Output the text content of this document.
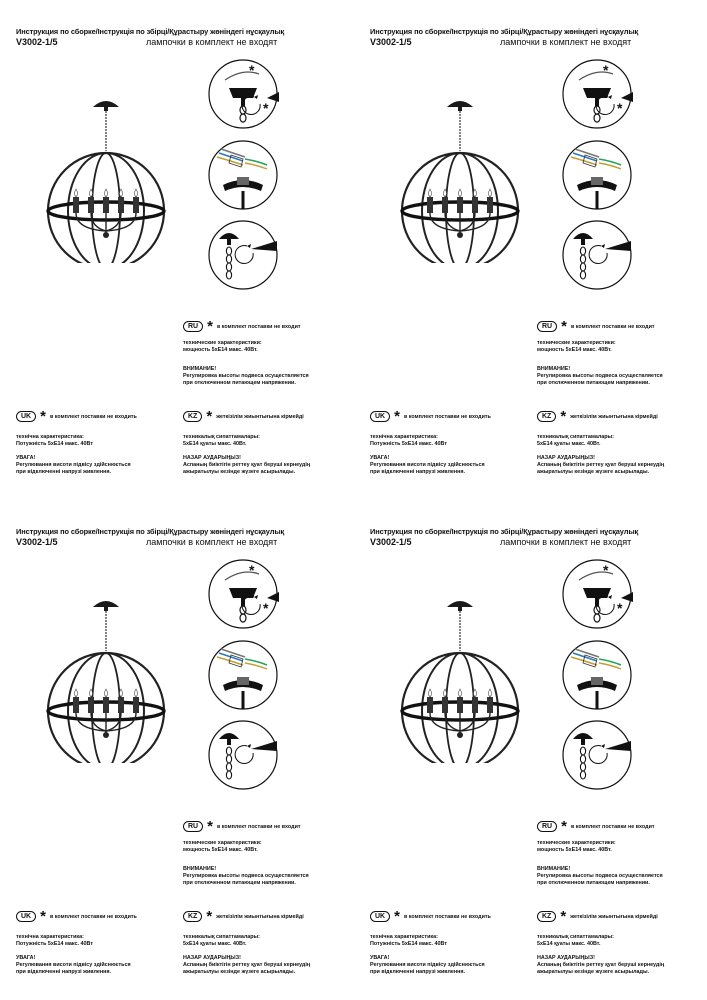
Инструкция по сборке/Інструкція по збірці/Құрастыру жөніндегі нұсқаулық
V3002-1/5	лампочки в комплект не входят
RU * в комплект поставки не входит
технические характеристики:
мощность 5xE14 макс. 40Вт.
ВНИМАНИЕ!
Регулировка высоты подвеса осуществляется
при отключенном питающем напряжении.
UK * в комплект поставки не входить
технічна характеристика:
Потужність 5xE14 макс. 40Вт
УВАГА!
Регулювання висоти підвісу здійснюється
при відключенні напрузі живлення.
KZ * жеткізілім жиынтығына кірмейді
техникалық сипаттамалары:
5xE14 қуаты макс. 40Вт.
НАЗАР АУДАРЫҢЫЗ!
Аспаның биіктігін реттеу қуат беруші кернеудің
ажыратылуы кезінде жүзеге асырылады.
Инструкция по сборке/Інструкція по збірці/Құрастыру жөніндегі нұсқаулық
V3002-1/5	лампочки в комплект не входят
RU * в комплект поставки не входит
технические характеристики:
мощность 5xE14 макс. 40Вт.
ВНИМАНИЕ!
Регулировка высоты подвеса осуществляется
при отключенном питающем напряжении.
UK * в комплект поставки не входить
технічна характеристика:
Потужність 5xE14 макс. 40Вт
УВАГА!
Регулювання висоти підвісу здійснюється
при відключенні напрузі живлення.
KZ * жеткізілім жиынтығына кірмейді
техникалық сипаттамалары:
5xE14 қуаты макс. 40Вт.
НАЗАР АУДАРЫҢЫЗ!
Аспаның биіктігін реттеу қуат беруші кернеудің
ажыратылуы кезінде жүзеге асырылады.
Инструкция по сборке/Інструкція по збірці/Құрастыру жөніндегі нұсқаулық
V3002-1/5	лампочки в комплект не входят
RU * в комплект поставки не входит
технические характеристики:
мощность 5xE14 макс. 40Вт.
ВНИМАНИЕ!
Регулировка высоты подвеса осуществляется
при отключенном питающем напряжении.
UK * в комплект поставки не входить
технічна характеристика:
Потужність 5xE14 макс. 40Вт
УВАГА!
Регулювання висоти підвісу здійснюється
при відключенні напрузі живлення.
KZ * жеткізілім жиынтығына кірмейді
техникалық сипаттамалары:
5xE14 қуаты макс. 40Вт.
НАЗАР АУДАРЫҢЫЗ!
Аспаның биіктігін реттеу қуат беруші кернеудің
ажыратылуы кезінде жүзеге асырылады.
Инструкция по сборке/Інструкція по збірці/Құрастыру жөніндегі нұсқаулық
V3002-1/5	лампочки в комплект не входят
RU * в комплект поставки не входит
технические характеристики:
мощность 5xE14 макс. 40Вт.
ВНИМАНИЕ!
Регулировка высоты подвеса осуществляется
при отключенном питающем напряжении.
UK * в комплект поставки не входить
технічна характеристика:
Потужність 5xE14 макс. 40Вт
УВАГА!
Регулювання висоти підвісу здійснюється
при відключенні напрузі живлення.
KZ * жеткізілім жиынтығына кірмейді
техникалық сипаттамалары:
5xE14 қуаты макс. 40Вт.
НАЗАР АУДАРЫҢЫЗ!
Аспаның биіктігін реттеу қуат беруші кернеудің
ажыратылуы кезінде жүзеге асырылады.
